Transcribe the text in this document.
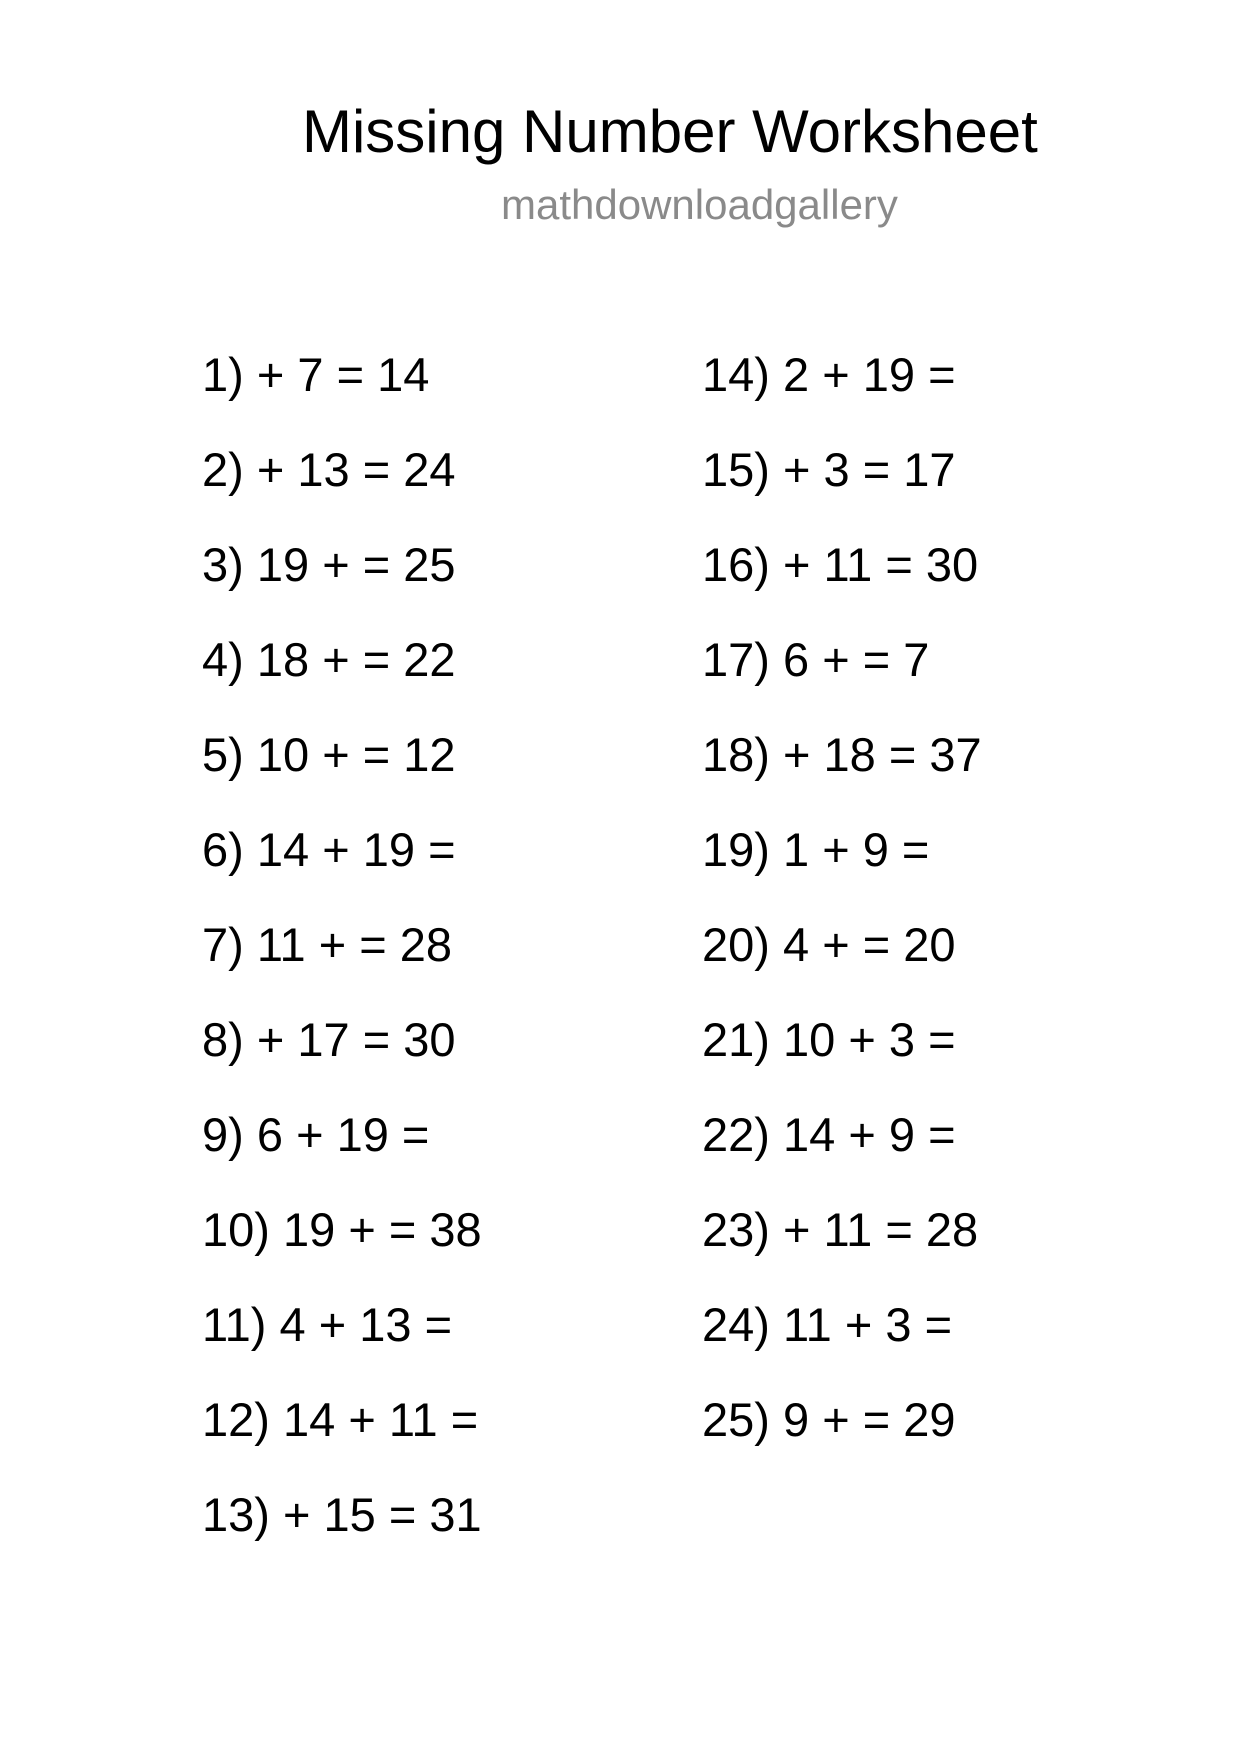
Missing Number Worksheet
mathdownloadgallery
1) + 7 = 14
2) + 13 = 24
3) 19 + = 25
4) 18 + = 22
5) 10 + = 12
6) 14 + 19 =
7) 11 + = 28
8) + 17 = 30
9) 6 + 19 =
10) 19 + = 38
11) 4 + 13 =
12) 14 + 11 =
13) + 15 = 31
14) 2 + 19 =
15) + 3 = 17
16) + 11 = 30
17) 6 + = 7
18) + 18 = 37
19) 1 + 9 =
20) 4 + = 20
21) 10 + 3 =
22) 14 + 9 =
23) + 11 = 28
24) 11 + 3 =
25) 9 + = 29
